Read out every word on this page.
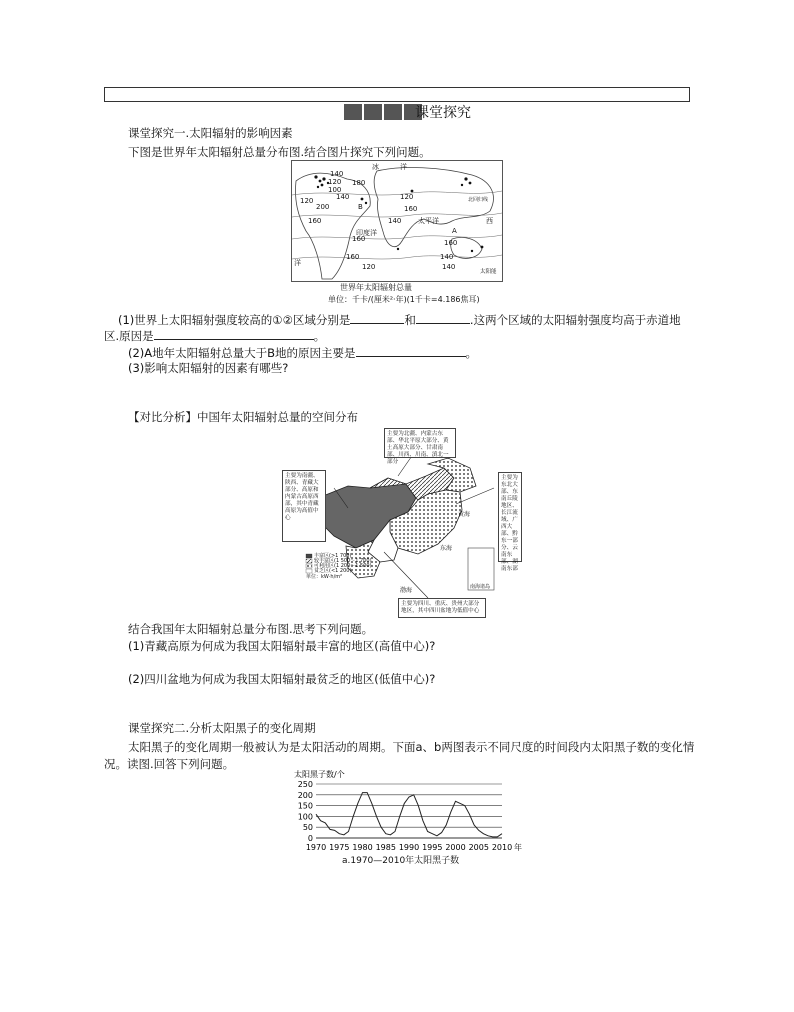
课堂探究
课堂探究一.太阳辐射的影响因素
下图是世界年太阳辐射总量分布图.结合图片探究下列问题。
140
120
100
140
120
180
200
160
120
160
140
160
160	140
120	140
160
冰	洋
太平洋
印度洋
北回归线
洋
西
A
B
太阳能
世界年太阳辐射总量
单位：千卡/(厘米²·年)(1千卡=4.186焦耳)
(1)世界上太阳辐射强度较高的①②区域分别是	和	.这两个区域的太阳辐射强度均高于赤道地
区.原因是	。
(2)A地年太阳辐射总量大于B地的原因主要是	。
(3)影响太阳辐射的因素有哪些?
【对比分析】中国年太阳辐射总量的空间分布
主要为北疆、内蒙古东部、华北平原大部分、黄土高原大部分、甘肃南部、川西、川南、滇北一部分
主要为南疆、陕西、青藏大部分、高原和内蒙古高原西部，其中青藏高原为高值中心
主要为东北大部、东南丘陵地区、长江流域、广西大部、黔东一部分、云南东部、湖南东部
主要为四川、重庆、贵州大部分地区，其中四川盆地为低值中心
黄海
东海
渤海	南海诸岛
丰富区(>1 700)
较丰富区(1 500～1 700)
可利用区(1 200～1 500)
贫乏区(<1 200)
单位：kW·h/m²
结合我国年太阳辐射总量分布图.思考下列问题。
(1)青藏高原为何成为我国太阳辐射最丰富的地区(高值中心)?
(2)四川盆地为何成为我国太阳辐射最贫乏的地区(低值中心)?
课堂探究二.分析太阳黑子的变化周期
太阳黑子的变化周期一般被认为是太阳活动的周期。下面a、b两图表示不同尺度的时间段内太阳黑子数的变化情
况。读图.回答下列问题。
太阳黑子数/个
0
50
100
150
200
250
1970 1975 1980 1985 1990 1995 2000 2005 2010 年
a.1970—2010年太阳黑子数
